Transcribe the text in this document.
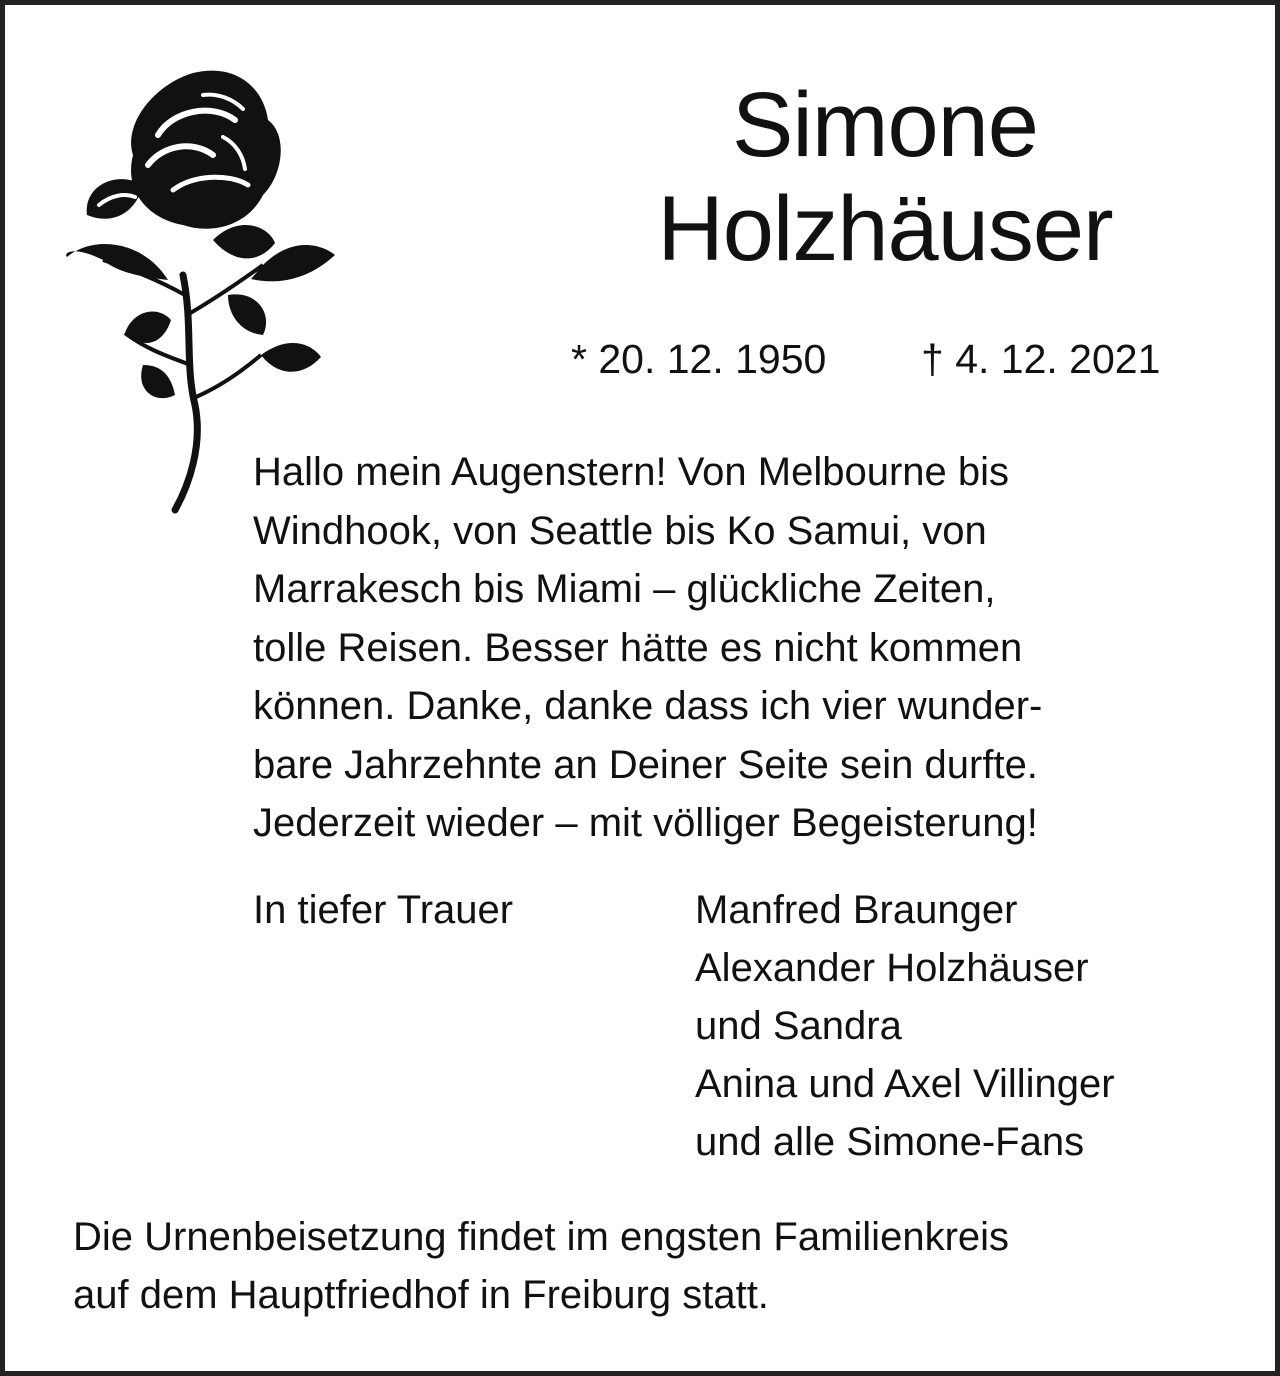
Simone
Holzhäuser
* 20. 12. 1950 † 4. 12. 2021

Hallo mein Augenstern! Von Melbourne bis
Windhook, von Seattle bis Ko Samui, von
Marrakesch bis Miami – glückliche Zeiten,
tolle Reisen. Besser hätte es nicht kommen
können. Danke, danke dass ich vier wunder-
bare Jahrzehnte an Deiner Seite sein durfte.
Jederzeit wieder – mit völliger Begeisterung!

In tiefer Trauer	Manfred Braunger
Alexander Holzhäuser
und Sandra
Anina und Axel Villinger
und alle Simone-Fans

Die Urnenbeisetzung findet im engsten Familienkreis
auf dem Hauptfriedhof in Freiburg statt.
